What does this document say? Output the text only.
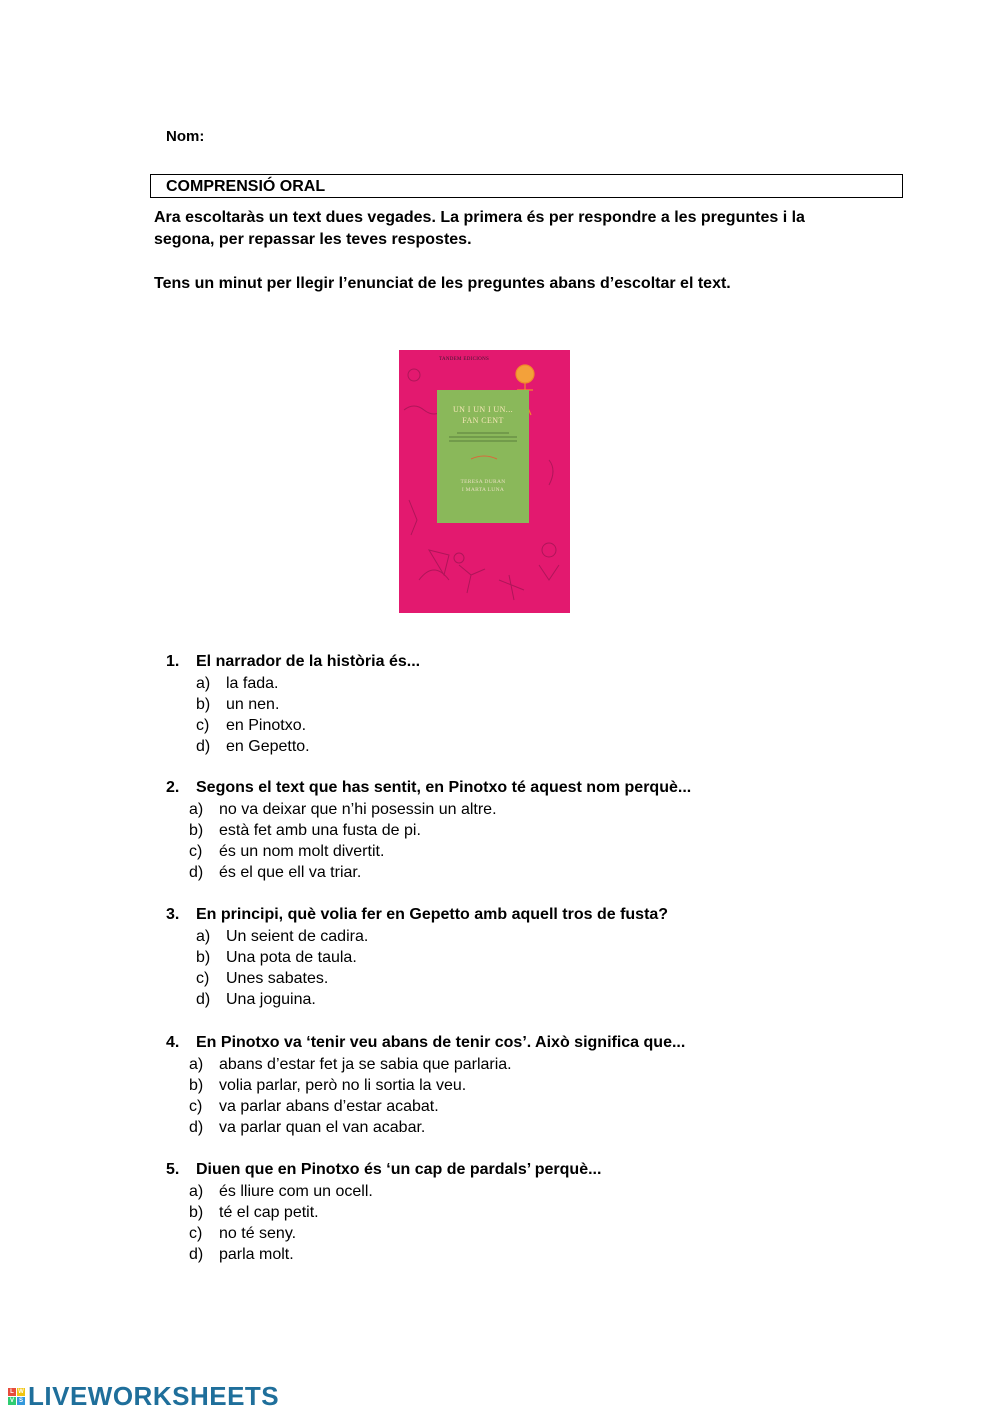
Nom:
COMPRENSIÓ ORAL
Ara escoltaràs un text dues vegades. La primera és per respondre a les preguntes i la segona, per repassar les teves respostes.
Tens un minut per llegir l’enunciat de les preguntes abans d’escoltar el text.
TANDEM EDICIONS
UN I UN I UN...
FAN CENT
TERESA DURAN
I MARTA LUNA
1. El narrador de la història és...
a) la fada.
b) un nen.
c) en Pinotxo.
d) en Gepetto.
2. Segons el text que has sentit, en Pinotxo té aquest nom perquè...
a) no va deixar que n’hi posessin un altre.
b) està fet amb una fusta de pi.
c) és un nom molt divertit.
d) és el que ell va triar.
3. En principi, què volia fer en Gepetto amb aquell tros de fusta?
a) Un seient de cadira.
b) Una pota de taula.
c) Unes sabates.
d) Una joguina.
4. En Pinotxo va ‘tenir veu abans de tenir cos’. Això significa que...
a) abans d’estar fet ja se sabia que parlaria.
b) volia parlar, però no li sortia la veu.
c) va parlar abans d’estar acabat.
d) va parlar quan el van acabar.
5. Diuen que en Pinotxo és ‘un cap de pardals’ perquè...
a) és lliure com un ocell.
b) té el cap petit.
c) no té seny.
d) parla molt.
L W
V S LIVEWORKSHEETS
